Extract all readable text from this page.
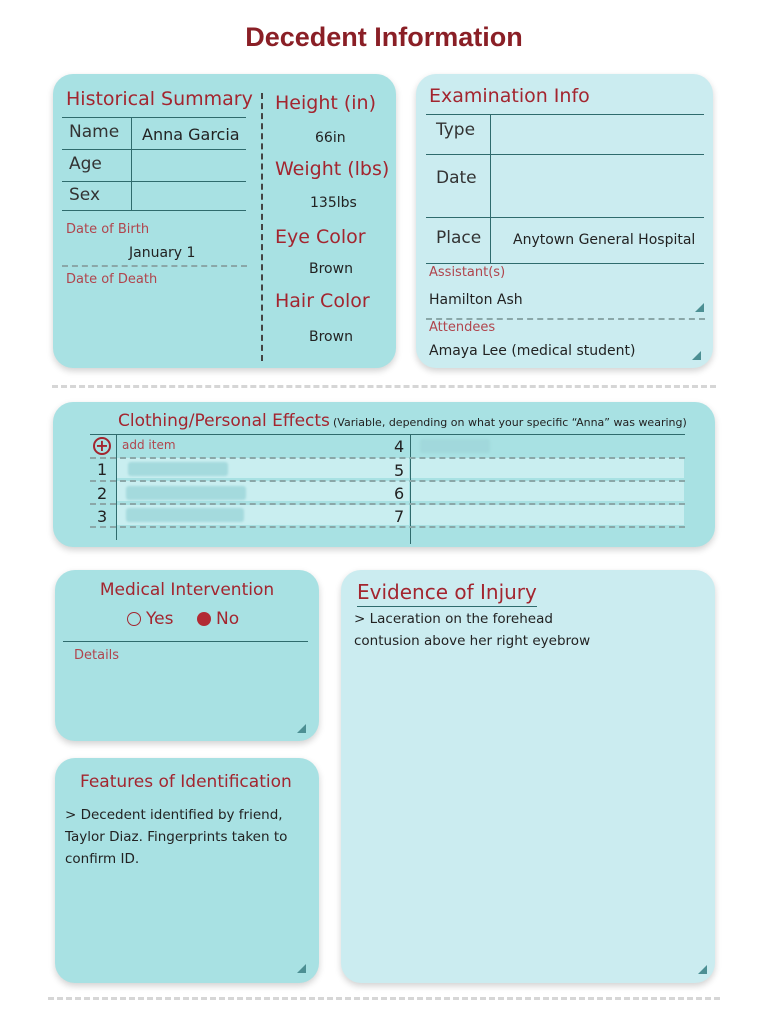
Decedent Information
Historical Summary
Name Anna Garcia
Age
Sex
Date of Birth
January 1
Date of Death
Height (in)
66in
Weight (lbs)
135lbs
Eye Color
Brown
Hair Color
Brown
Examination Info
Type
Date
Place Anytown General Hospital
Assistant(s)
Hamilton Ash
Attendees
Amaya Lee (medical student)
Clothing/Personal Effects (Variable, depending on what your specific “Anna” was wearing)
+ add item
1
2
3
4
5
6
7
Medical Intervention
Yes	No
Details
Features of Identification
> Decedent identified by friend, Taylor Diaz. Fingerprints taken to confirm ID.
Evidence of Injury
> Laceration on the forehead
contusion above her right eyebrow
